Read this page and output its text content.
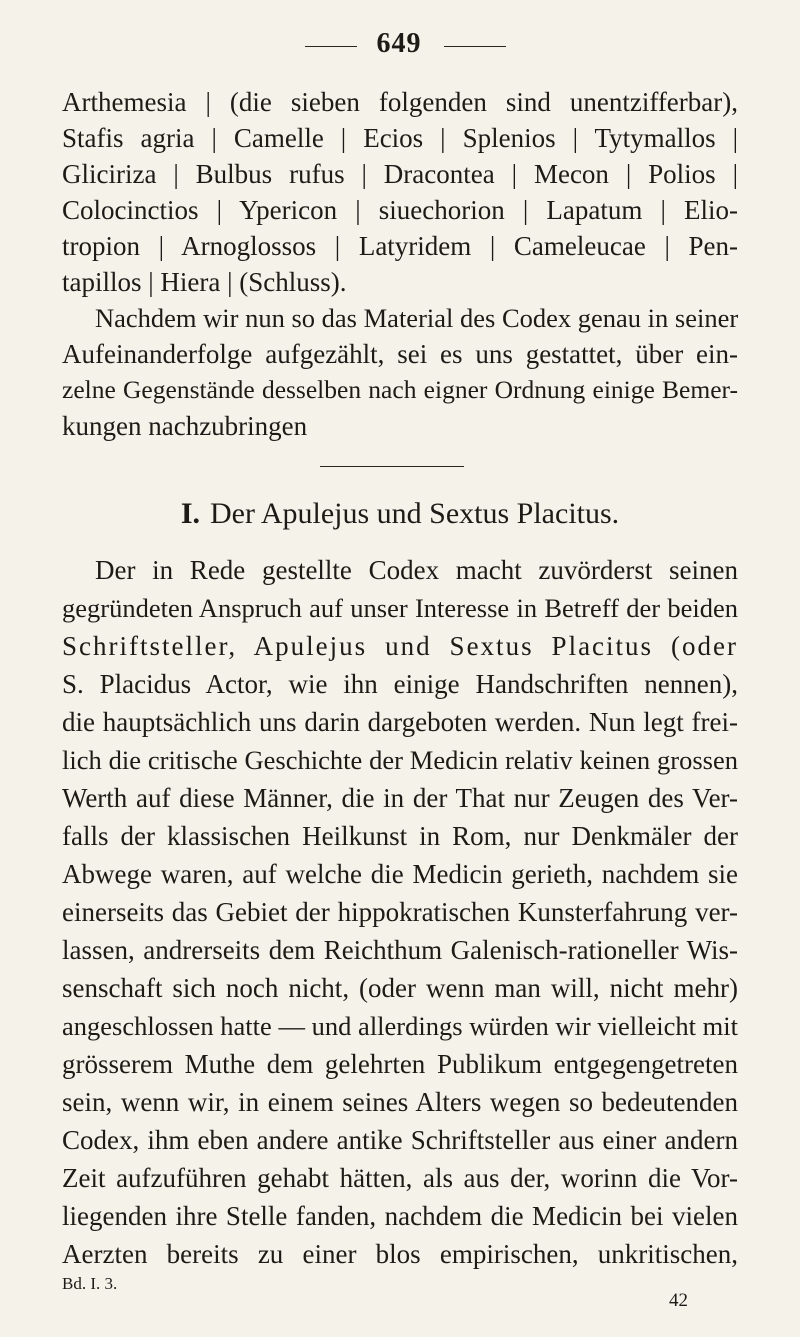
649
Arthemesia | (die sieben folgenden sind unentzifferbar),
Stafis agria | Camelle | Ecios | Splenios | Tytymallos |
Gliciriza | Bulbus rufus | Dracontea | Mecon | Polios |
Colocinctios | Ypericon | siuechorion | Lapatum | Elio-
tropion | Arnoglossos | Latyridem | Cameleucae | Pen-
tapillos | Hiera | (Schluss).
Nachdem wir nun so das Material des Codex genau in seiner
Aufeinanderfolge aufgezählt, sei es uns gestattet, über ein-
zelne Gegenstände desselben nach eigner Ordnung einige Bemer-
kungen nachzubringen
I. Der Apulejus und Sextus Placitus.
Der in Rede gestellte Codex macht zuvörderst seinen
gegründeten Anspruch auf unser Interesse in Betreff der beiden
Schriftsteller, Apulejus und Sextus Placitus (oder
S. Placidus Actor, wie ihn einige Handschriften nennen),
die hauptsächlich uns darin dargeboten werden. Nun legt frei-
lich die critische Geschichte der Medicin relativ keinen grossen
Werth auf diese Männer, die in der That nur Zeugen des Ver-
falls der klassischen Heilkunst in Rom, nur Denkmäler der
Abwege waren, auf welche die Medicin gerieth, nachdem sie
einerseits das Gebiet der hippokratischen Kunsterfahrung ver-
lassen, andrerseits dem Reichthum Galenisch-rationeller Wis-
senschaft sich noch nicht, (oder wenn man will, nicht mehr)
angeschlossen hatte — und allerdings würden wir vielleicht mit
grösserem Muthe dem gelehrten Publikum entgegengetreten
sein, wenn wir, in einem seines Alters wegen so bedeutenden
Codex, ihm eben andere antike Schriftsteller aus einer andern
Zeit aufzuführen gehabt hätten, als aus der, worinn die Vor-
liegenden ihre Stelle fanden, nachdem die Medicin bei vielen
Aerzten bereits zu einer blos empirischen, unkritischen,
Bd. I. 3.
42
